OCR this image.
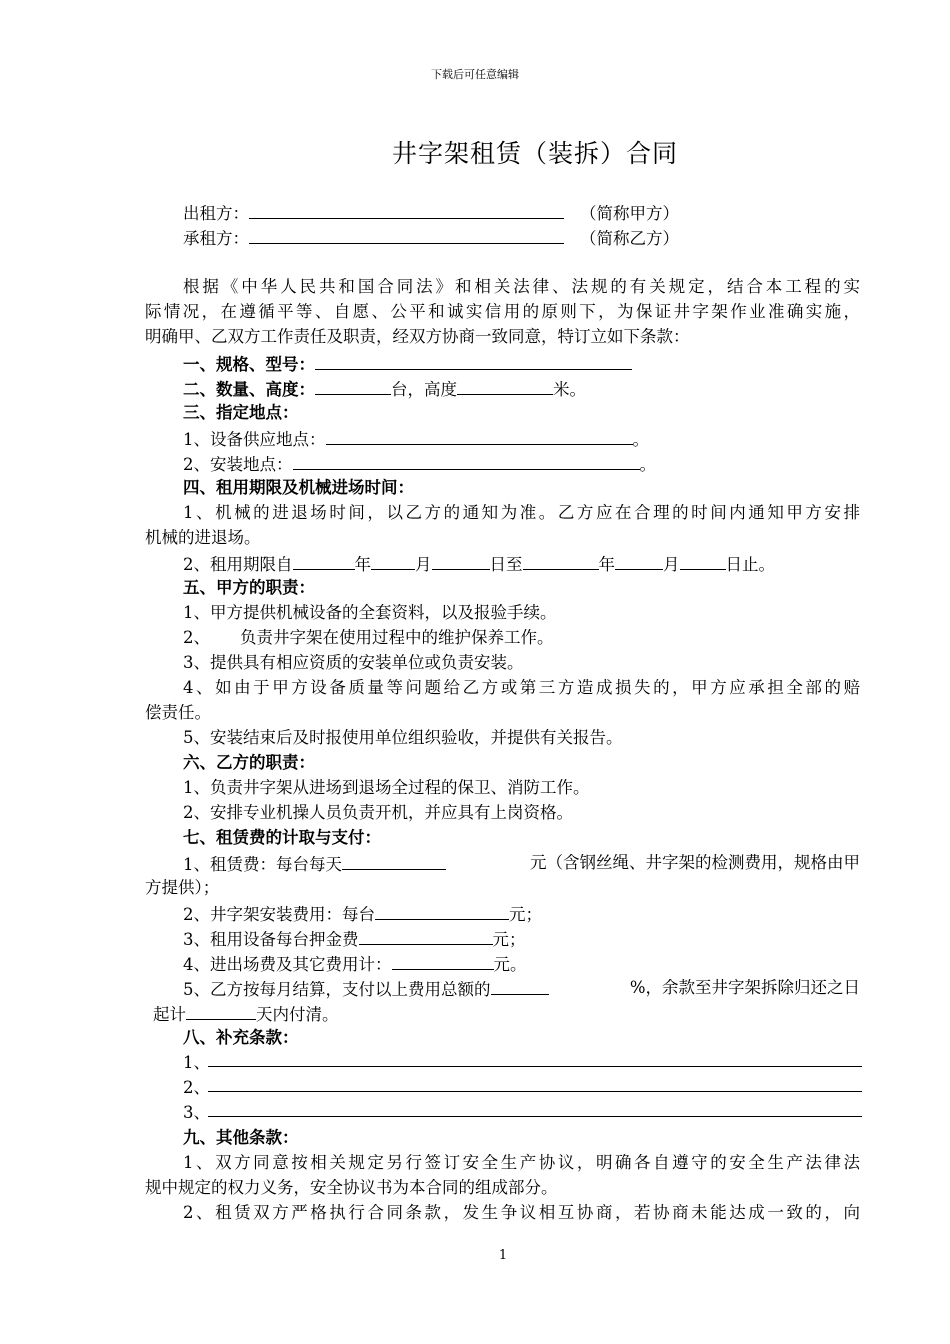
下载后可任意编辑
井字架租赁（装拆）合同
出租方：	（简称甲方）
承租方：	（简称乙方）
根据《中华人民共和国合同法》和相关法律、法规的有关规定，结合本工程的实
际情况，在遵循平等、自愿、公平和诚实信用的原则下，为保证井字架作业准确实施，
明确甲、乙双方工作责任及职责，经双方协商一致同意，特订立如下条款：
一、规格、型号：
二、数量、高度：	台，高度	米。
三、指定地点：
1、设备供应地点：	。
2、安装地点：	。
四、租用期限及机械进场时间：
1、机械的进退场时间，以乙方的通知为准。乙方应在合理的时间内通知甲方安排
机械的进退场。
2、租用期限自	年	月	日至	年	月	日止。
五、甲方的职责：
1、甲方提供机械设备的全套资料，以及报验手续。
2、 负责井字架在使用过程中的维护保养工作。
3、提供具有相应资质的安装单位或负责安装。
4、如由于甲方设备质量等问题给乙方或第三方造成损失的，甲方应承担全部的赔
偿责任。
5、安装结束后及时报使用单位组织验收，并提供有关报告。
六、乙方的职责：
1、负责井字架从进场到退场全过程的保卫、消防工作。
2、安排专业机操人员负责开机，并应具有上岗资格。
七、租赁费的计取与支付：
1、租赁费：每台每天	元（含钢丝绳、井字架的检测费用，规格由甲
方提供）；
2、井字架安装费用：每台	元；
3、租用设备每台押金费	元；
4、进出场费及其它费用计：	元。
5、乙方按每月结算，支付以上费用总额的	%，余款至井字架拆除归还之日
起计	天内付清。
八、补充条款：
1、
2、
3、
九、其他条款：
1、双方同意按相关规定另行签订安全生产协议，明确各自遵守的安全生产法律法
规中规定的权力义务，安全协议书为本合同的组成部分。
2、租赁双方严格执行合同条款，发生争议相互协商，若协商未能达成一致的，向
1
